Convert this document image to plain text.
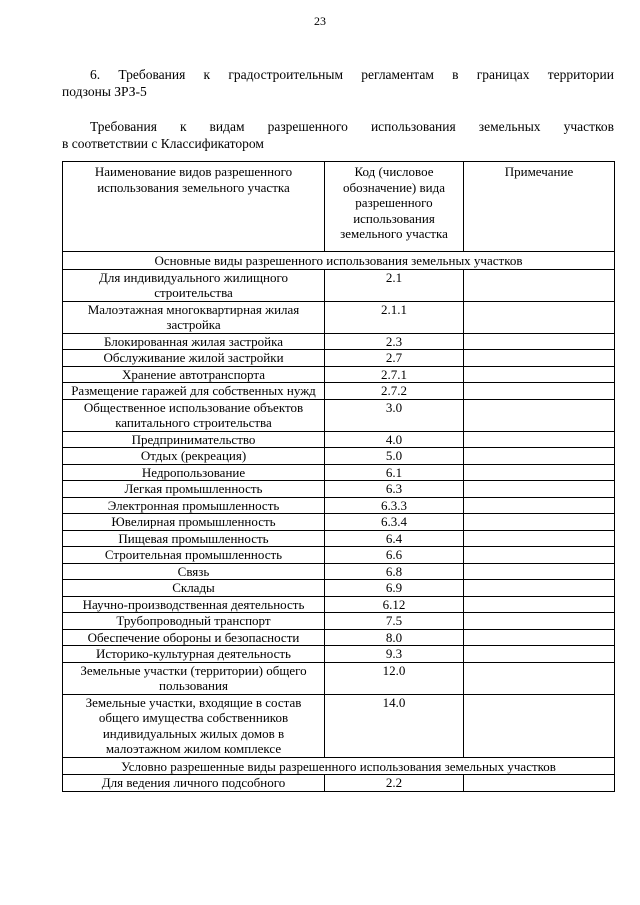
23
6. Требования к градостроительным регламентам в границах территории
подзоны ЗРЗ-5
Требования к видам разрешенного использования земельных участков
в соответствии с Классификатором
Наименование видов разрешенного использования земельного участка	Код (числовое обозначение) вида разрешенного использования земельного участка	Примечание
Основные виды разрешенного использования земельных участков		
Для индивидуального жилищного строительства	2.1	
Малоэтажная многоквартирная жилая застройка	2.1.1	
Блокированная жилая застройка	2.3	
Обслуживание жилой застройки	2.7	
Хранение автотранспорта	2.7.1	
Размещение гаражей для собственных нужд	2.7.2	
Общественное использование объектов капитального строительства	3.0	
Предпринимательство	4.0	
Отдых (рекреация)	5.0	
Недропользование	6.1	
Легкая промышленность	6.3	
Электронная промышленность	6.3.3	
Ювелирная промышленность	6.3.4	
Пищевая промышленность	6.4	
Строительная промышленность	6.6	
Связь	6.8	
Склады	6.9	
Научно-производственная деятельность	6.12	
Трубопроводный транспорт	7.5	
Обеспечение обороны и безопасности	8.0	
Историко-культурная деятельность	9.3	
Земельные участки (территории) общего пользования	12.0	
Земельные участки, входящие в состав общего имущества собственников индивидуальных жилых домов в малоэтажном жилом комплексе	14.0	
Условно разрешенные виды разрешенного использования земельных участков		
Для ведения личного подсобного	2.2	
